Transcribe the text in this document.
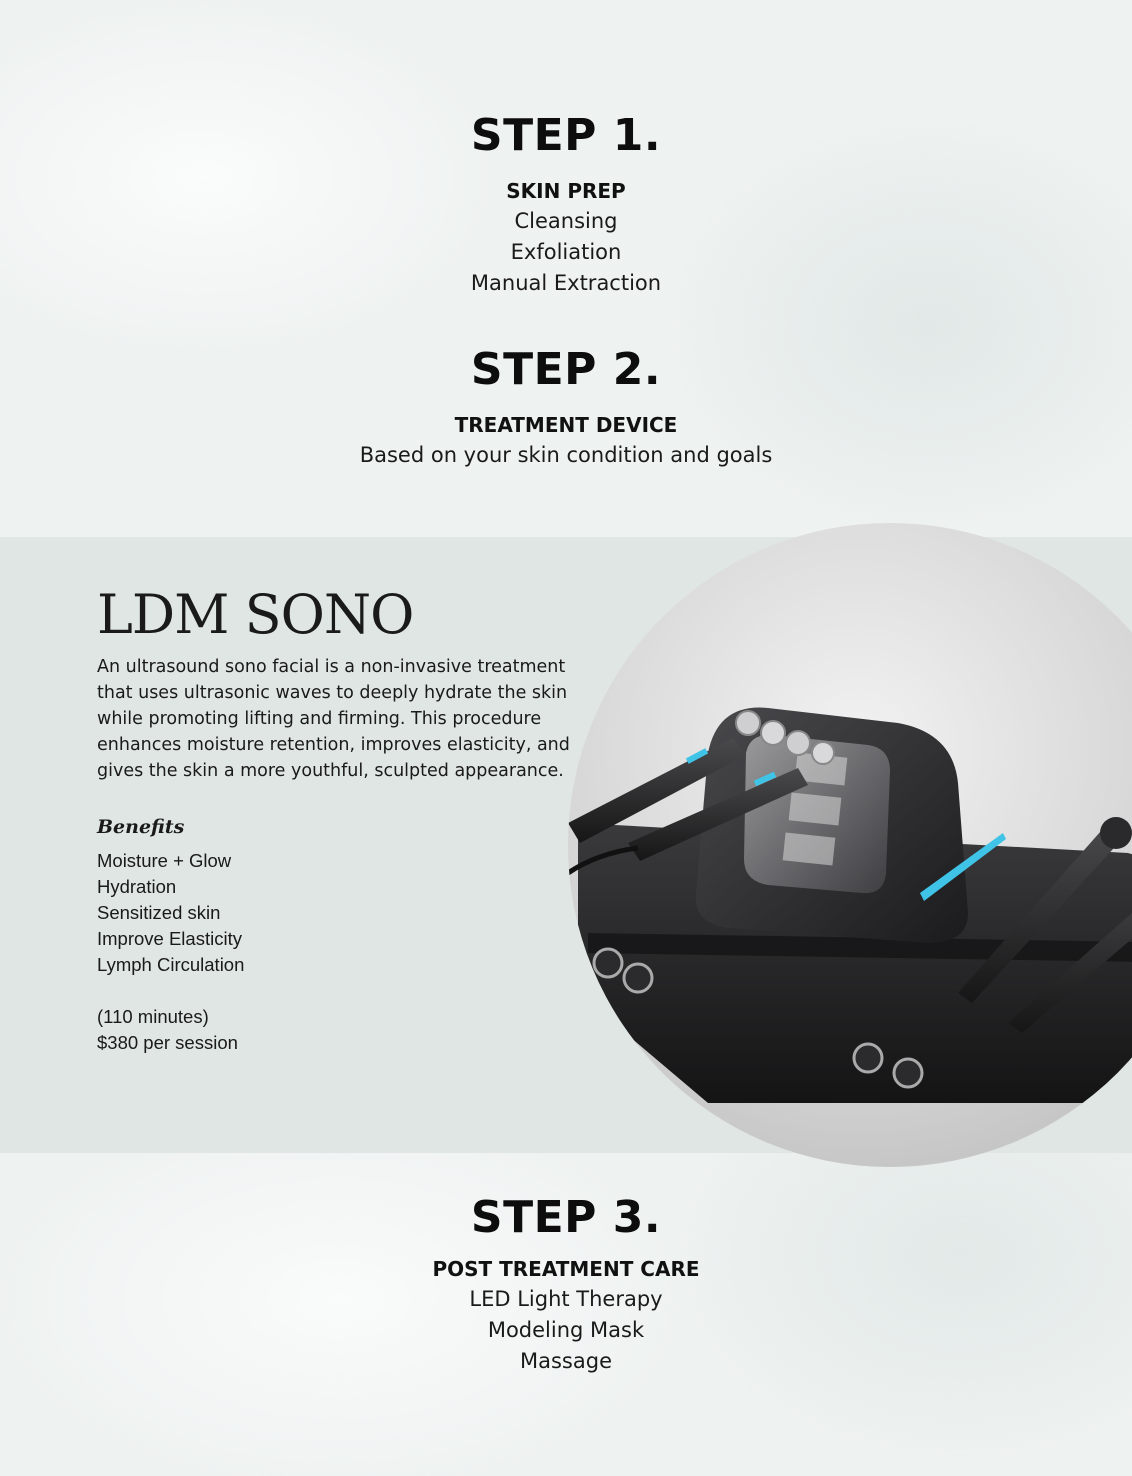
STEP 1.
SKIN PREP
Cleansing
Exfoliation
Manual Extraction
STEP 2.
TREATMENT DEVICE
Based on your skin condition and goals
LDM SONO
An ultrasound sono facial is a non-invasive treatment that uses ultrasonic waves to deeply hydrate the skin while promoting lifting and firming. This procedure enhances moisture retention, improves elasticity, and gives the skin a more youthful, sculpted appearance.
Benefits
Moisture + Glow
Hydration
Sensitized skin
Improve Elasticity
Lymph Circulation
(110 minutes)
$380 per session
STEP 3.
POST TREATMENT CARE
LED Light Therapy
Modeling Mask
Massage
